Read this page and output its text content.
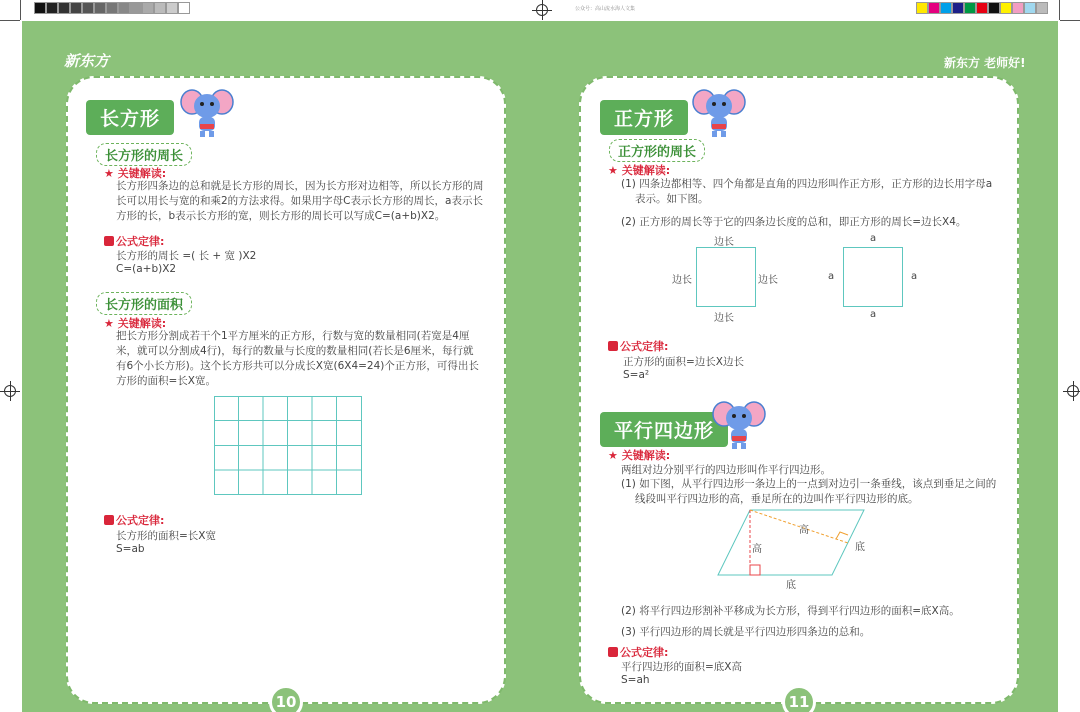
公众号：高山流水海人文集
新东方	新东方 老师好!
长方形
长方形的周长
★ 关键解读:
长方形四条边的总和就是长方形的周长，因为长方形对边相等，所以长方形的周长可以用长与宽的和乘2的方法求得。如果用字母C表示长方形的周长，a表示长方形的长，b表示长方形的宽，则长方形的周长可以写成C=(a+b)X2。
公式定律:
长方形的周长 =( 长 + 宽 )X2
C=(a+b)X2
长方形的面积
★ 关键解读:
把长方形分割成若干个1平方厘米的正方形，行数与宽的数量相同(若宽是4厘米，就可以分割成4行)，每行的数量与长度的数量相同(若长是6厘米，每行就有6个小长方形)。这个长方形共可以分成长X宽(6X4=24)个正方形，可得出长方形的面积=长X宽。
公式定律:
长方形的面积=长X宽
S=ab
10
正方形
正方形的周长
★ 关键解读:
(1) 四条边都相等、四个角都是直角的四边形叫作正方形，正方形的边长用字母a表示。如下图。
(2) 正方形的周长等于它的四条边长度的总和，即正方形的周长=边长X4。
边长
边长	边长
边长
a
a	a
a
公式定律:
正方形的面积=边长X边长
S=a²
平行四边形
★ 关键解读:
两组对边分别平行的四边形叫作平行四边形。
(1) 如下图，从平行四边形一条边上的一点到对边引一条垂线，该点到垂足之间的线段叫平行四边形的高，垂足所在的边叫作平行四边形的底。
高
高
底
底
(2) 将平行四边形割补平移成为长方形，得到平行四边形的面积=底X高。
(3) 平行四边形的周长就是平行四边形四条边的总和。
公式定律:
平行四边形的面积=底X高
S=ah
11
